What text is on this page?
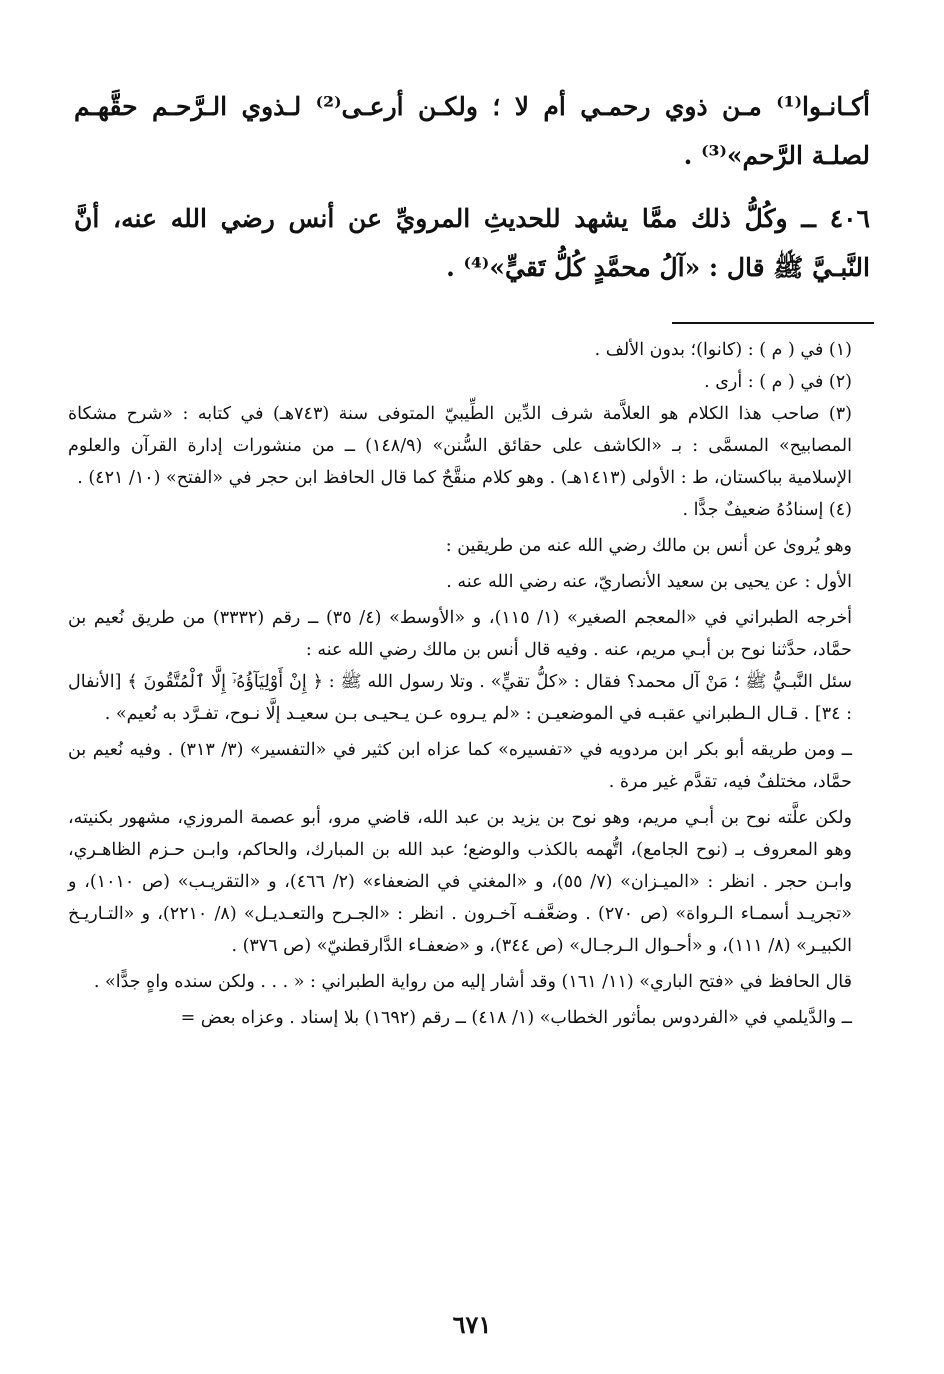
أكـانـوا⁽¹⁾ مـن ذوي رحمـي أم لا ؛ ولكـن أرعـى⁽²⁾ لـذوي الـرَّحـم حقَّهـم لصلـة الرَّحم»⁽³⁾ .

٤٠٦ ــ وكُلُّ ذلك ممَّا يشهد للحديثِ المرويِّ عن أنس رضي الله عنه، أنَّ النَّبـيَّ ﷺ قال : «آلُ محمَّدٍ كُلُّ تَقيٍّ»⁽⁴⁾ .

(١) في ( م ) : (كانوا)؛ بدون الألف .

(٢) في ( م ) : أرى .

(٣) صاحب هذا الكلام هو العلاَّمة شرف الدِّين الطِّيبيّ المتوفى سنة (٧٤٣هـ) في كتابه : «شرح مشكاة المصابيح» المسمَّى : بـ «الكاشف على حقائق السُّنن» (١٤٨/٩) ــ من منشورات إدارة القرآن والعلوم الإسلامية بباكستان، ط : الأولى (١٤١٣هـ) . وهو كلام منقَّحٌ كما قال الحافظ ابن حجر في «الفتح» (١٠/ ٤٢١) .

(٤) إسنادُهُ ضعيفٌ جدًّا .

وهو يُروىٰ عن أنس بن مالك رضي الله عنه من طريقين :

الأول : عن يحيى بن سعيد الأنصاريّ، عنه رضي الله عنه .

أخرجه الطبراني في «المعجم الصغير» (١/ ١١٥)، و «الأوسط» (٤/ ٣٥) ــ رقم (٣٣٣٢) من طريق نُعيم بن حمَّاد، حدَّثنا نوح بن أبـي مريم، عنه . وفيه قال أنس بن مالك رضي الله عنه :

سئل النَّبـيُّ ﷺ ؛ مَنْ آل محمد؟ فقال : «كلُّ تقيٍّ» . وتلا رسول الله ﷺ : ﴿ إِنْ أَوْلِيَآؤُهُۥٓ إِلَّا ٱلْمُتَّقُونَ ﴾ [الأنفال : ٣٤] . قـال الـطبراني عقبـه في الموضعيـن : «لم يـروه عـن يـحيـى بـن سعيـد إلَّا نـوح، تفـرَّد به نُعيم» .

ــ ومن طريقه أبو بكر ابن مردويه في «تفسيره» كما عزاه ابن كثير في «التفسير» (٣/ ٣١٣) . وفيه نُعيم بن حمَّاد، مختلفٌ فيه، تقدَّم غير مرة .

ولكن علَّته نوح بن أبـي مريم، وهو نوح بن يزيد بن عبد الله، قاضي مرو، أبو عصمة المروزي، مشهور بكنيته، وهو المعروف بـ (نوح الجامع)، اتُّهمه بالكذب والوضع؛ عبد الله بن المبارك، والحاكم، وابـن حـزم الظاهـري، وابـن حجر . انظر : «الميـزان» (٧/ ٥٥)، و «المغني في الضعفاء» (٢/ ٤٦٦)، و «التقريـب» (ص ١٠١٠)، و «تجريـد أسمـاء الـرواة» (ص ٢٧٠) . وضعَّفـه آخـرون . انظر : «الجـرح والتعـديـل» (٨/ ٢٢١٠)، و «التـاريـخ الكبيـر» (٨/ ١١١)، و «أحـوال الـرجـال» (ص ٣٤٤)، و «ضعفـاء الدَّارقطنيّ» (ص ٣٧٦) .

قال الحافظ في «فتح الباري» (١١/ ١٦١) وقد أشار إليه من رواية الطبراني : « . . . ولكن سنده واهٍ جدًّا» .

ــ والدَّيلمي في «الفردوس بمأثور الخطاب» (١/ ٤١٨) ــ رقم (١٦٩٢) بلا إسناد . وعزاه بعض =

٦٧١
